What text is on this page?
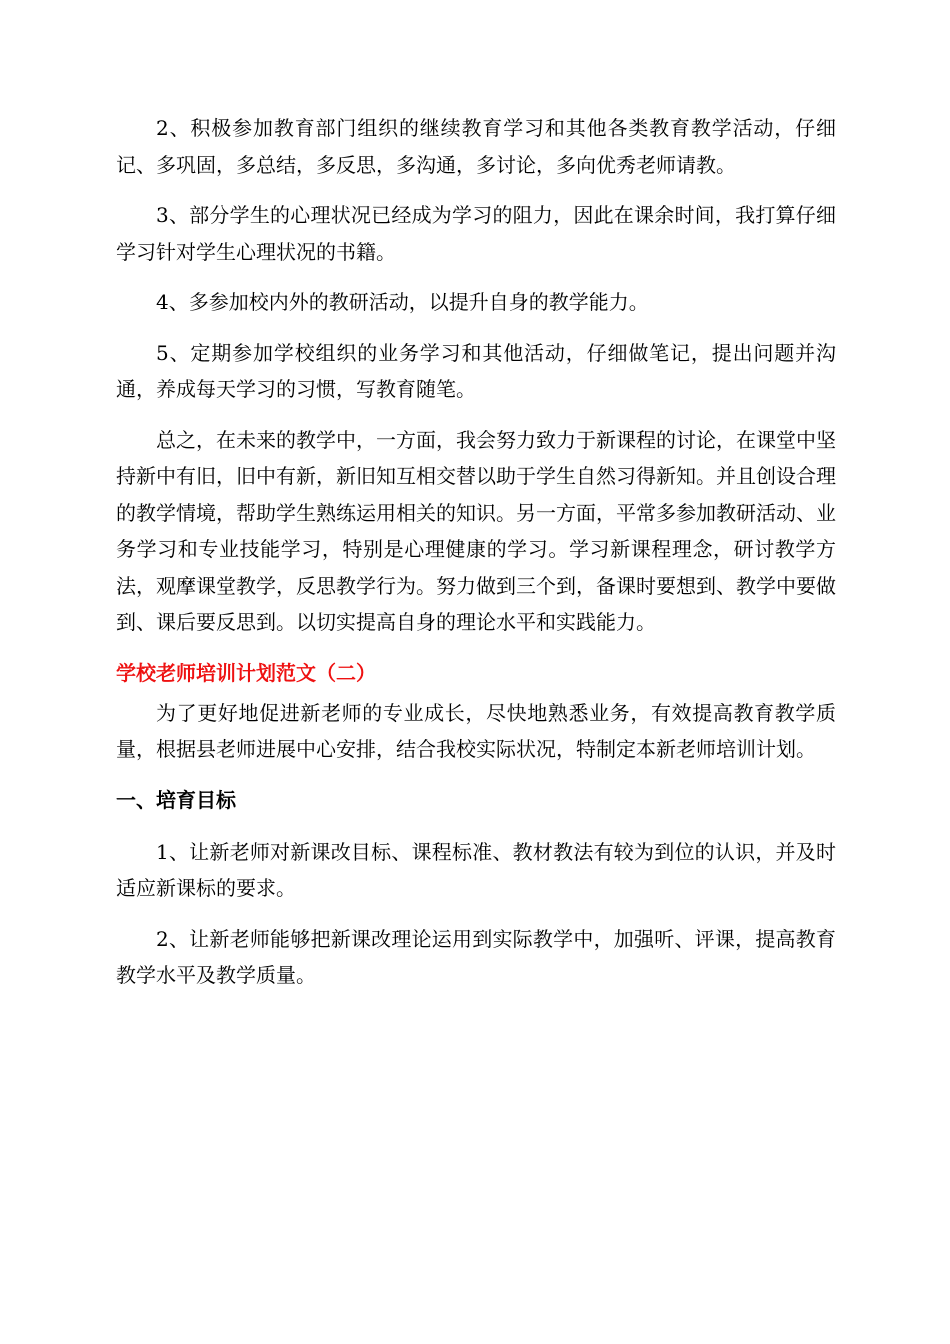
2、积极参加教育部门组织的继续教育学习和其他各类教育教学活动，仔细记、多巩固，多总结，多反思，多沟通，多讨论，多向优秀老师请教。

3、部分学生的心理状况已经成为学习的阻力，因此在课余时间，我打算仔细学习针对学生心理状况的书籍。

4、多参加校内外的教研活动，以提升自身的教学能力。

5、定期参加学校组织的业务学习和其他活动，仔细做笔记，提出问题并沟通，养成每天学习的习惯，写教育随笔。

总之，在未来的教学中，一方面，我会努力致力于新课程的讨论，在课堂中坚持新中有旧，旧中有新，新旧知互相交替以助于学生自然习得新知。并且创设合理的教学情境，帮助学生熟练运用相关的知识。另一方面，平常多参加教研活动、业务学习和专业技能学习，特别是心理健康的学习。学习新课程理念，研讨教学方法，观摩课堂教学，反思教学行为。努力做到三个到，备课时要想到、教学中要做到、课后要反思到。以切实提高自身的理论水平和实践能力。

学校老师培训计划范文（二）

为了更好地促进新老师的专业成长，尽快地熟悉业务，有效提高教育教学质量，根据县老师进展中心安排，结合我校实际状况，特制定本新老师培训计划。

一、培育目标

1、让新老师对新课改目标、课程标准、教材教法有较为到位的认识，并及时适应新课标的要求。

2、让新老师能够把新课改理论运用到实际教学中，加强听、评课，提高教育教学水平及教学质量。
